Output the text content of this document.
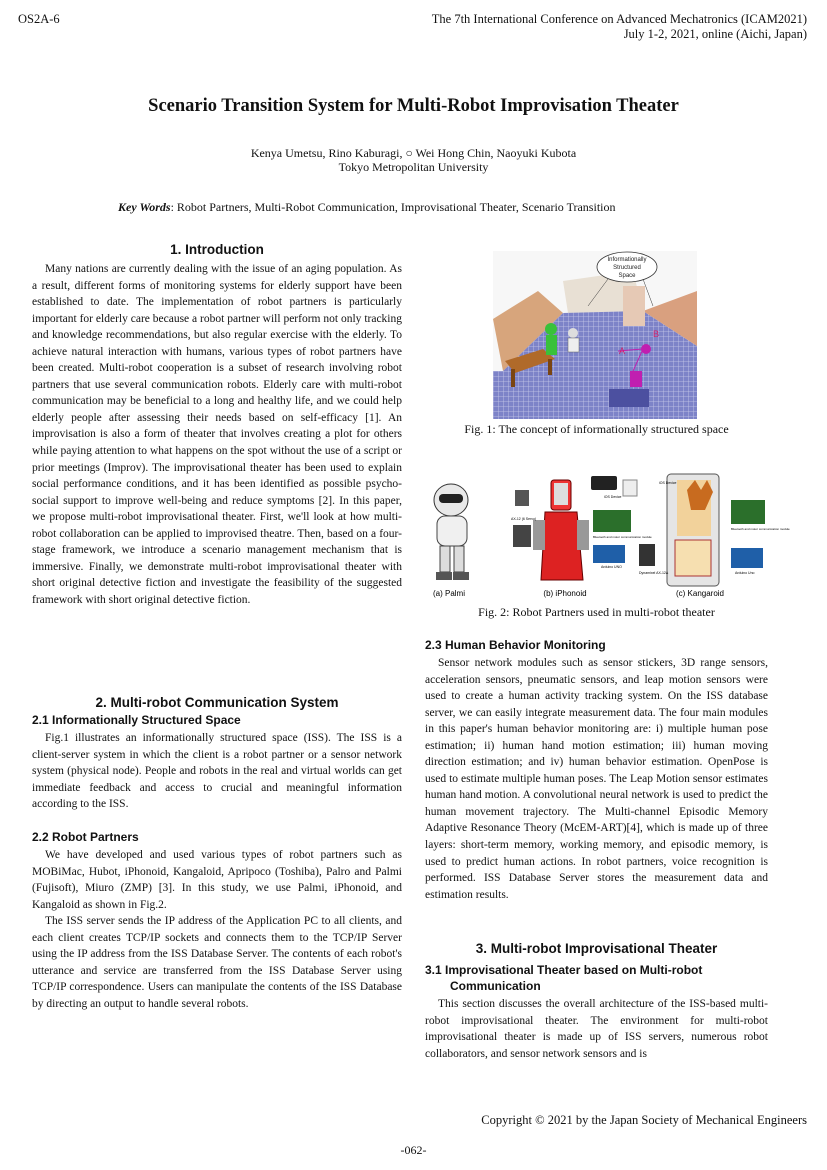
OS2A-6	The 7th International Conference on Advanced Mechatronics (ICAM2021)
July 1-2, 2021, online (Aichi, Japan)
Scenario Transition System for Multi-Robot Improvisation Theater
Kenya Umetsu, Rino Kaburagi, ○ Wei Hong Chin, Naoyuki Kubota
Tokyo Metropolitan University
Key Words: Robot Partners, Multi-Robot Communication, Improvisational Theater, Scenario Transition
1. Introduction

Many nations are currently dealing with the issue of an aging population. As a result, different forms of monitoring systems for elderly support have been established to date. The implementation of robot partners is particularly important for elderly care because a robot partner will perform not only tracking and knowledge recommendations, but also regular exercise with the elderly. To achieve natural interaction with humans, various types of robot partners have been created. Multi-robot cooperation is a subset of research involving robot partners that use several communication robots. Elderly care with multi-robot communication may be beneficial to a long and healthy life, and we could help elderly people after assessing their needs based on self-efficacy [1]. An improvisation is also a form of theater that involves creating a plot for others while paying attention to what happens on the spot without the use of a script or prior meetings (Improv). The improvisational theater has been used to explain social performance conditions, and it has been identified as possible psycho-social support to improve well-being and reduce symptoms [2]. In this paper, we propose multi-robot improvisational theater. First, we'll look at how multi-robot collaboration can be applied to improvised theatre. Then, based on a four-stage framework, we introduce a scenario management mechanism that is immersive. Finally, we demonstrate multi-robot improvisational theater with short original detective fiction and investigate the feasibility of the suggested framework with short original detective fiction.

2. Multi-robot Communication System
2.1 Informationally Structured Space

Fig.1 illustrates an informationally structured space (ISS). The ISS is a client-server system in which the client is a robot partner or a sensor network system (physical node). People and robots in the real and virtual worlds can get immediate feedback and access to crucial and meaningful information according to the ISS.

2.2 Robot Partners

We have developed and used various types of robot partners such as MOBiMac, Hubot, iPhonoid, Kangaloid, Apripoco (Toshiba), Palro and Palmi (Fujisoft), Miuro (ZMP) [3]. In this study, we use Palmi, iPhonoid, and Kangaloid as shown in Fig.2.

The ISS server sends the IP address of the Application PC to all clients, and each client creates TCP/IP sockets and connects them to the TCP/IP Server using the IP address from the ISS Database Server. The contents of each robot's utterance and service are transferred from the ISS Database Server using TCP/IP correspondence. Users can manipulate the contents of the ISS Database by directing an output to handle several robots.

A
B
Informationally
Structured
Space
Fig. 1: The concept of informationally structured space
(a) Palmi
iOS Device
Bluetooth and motor communication module
Arduino UNO
AX-12 (6 Servo)
(b) iPhonoid
iOS Device
Bluetooth and motor communication module
Arduino Uno
Dynamixel AX-12A
(c) Kangaroid
Fig. 2: Robot Partners used in multi-robot theater
2.3 Human Behavior Monitoring

Sensor network modules such as sensor stickers, 3D range sensors, acceleration sensors, pneumatic sensors, and leap motion sensors were used to create a human activity tracking system. On the ISS database server, we can easily integrate measurement data. The four main modules in this paper's human behavior monitoring are: i) multiple human pose estimation; ii) human hand motion estimation; iii) human moving direction estimation; and iv) human behavior estimation. OpenPose is used to estimate multiple human poses. The Leap Motion sensor estimates human hand motion. A convolutional neural network is used to predict the human movement trajectory. The Multi-channel Episodic Memory Adaptive Resonance Theory (McEM-ART)[4], which is made up of three layers: short-term memory, working memory, and episodic memory, is used to predict human actions. In robot partners, voice recognition is performed. ISS Database Server stores the measurement data and estimation results.

3. Multi-robot Improvisational Theater
3.1 Improvisational Theater based on Multi-robot
Communication

This section discusses the overall architecture of the ISS-based multi-robot improvisational theater. The environment for multi-robot improvisational theater is made up of ISS servers, numerous robot collaborators, and sensor network sensors and is

Copyright © 2021 by the Japan Society of Mechanical Engineers
-062-
